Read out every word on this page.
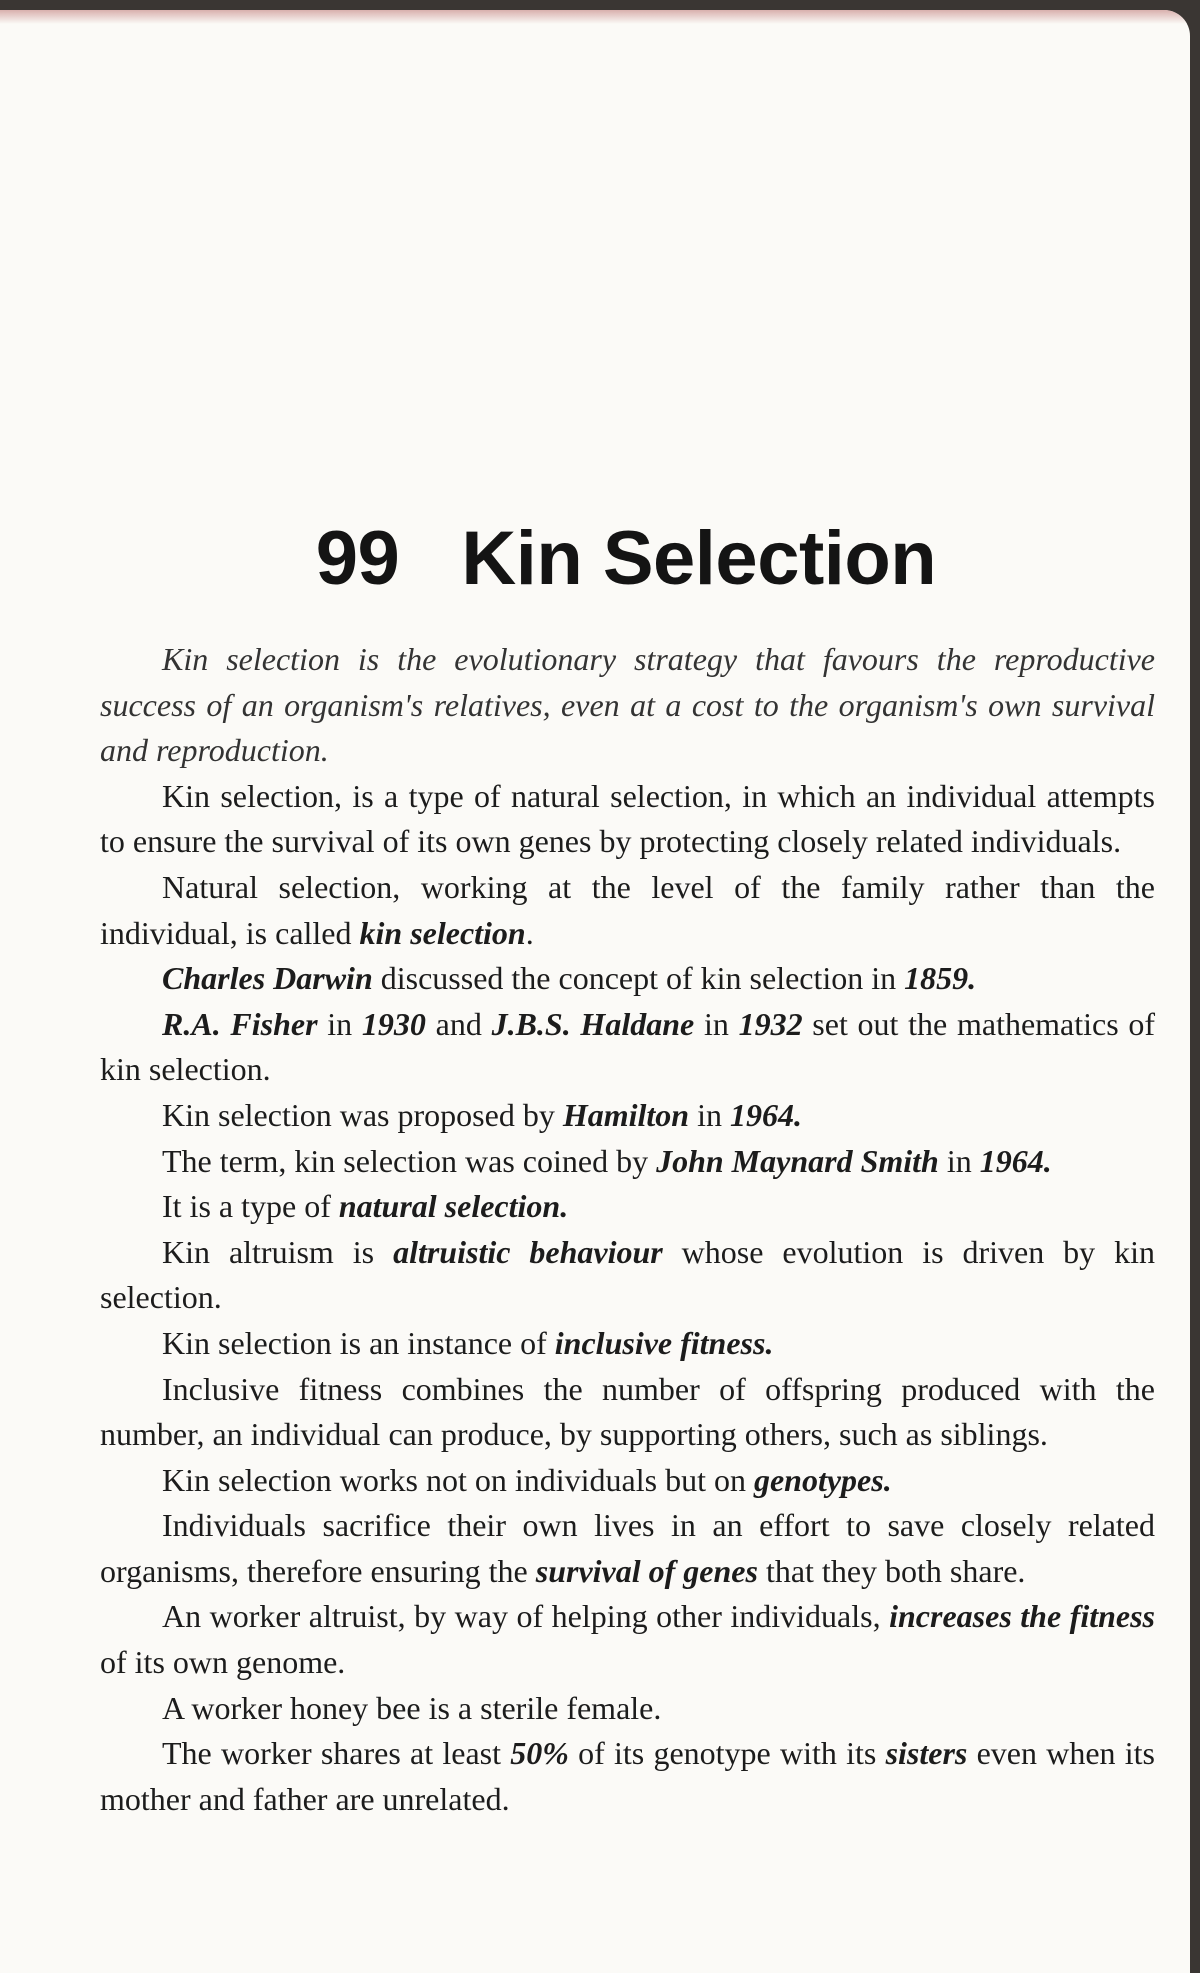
99 Kin Selection

Kin selection is the evolutionary strategy that favours the reproductive success of an organism's relatives, even at a cost to the organism's own survival and reproduction.

Kin selection, is a type of natural selection, in which an individual attempts to ensure the survival of its own genes by protecting closely related individuals.

Natural selection, working at the level of the family rather than the individual, is called kin selection.

Charles Darwin discussed the concept of kin selection in 1859.

R.A. Fisher in 1930 and J.B.S. Haldane in 1932 set out the mathematics of kin selection.

Kin selection was proposed by Hamilton in 1964.

The term, kin selection was coined by John Maynard Smith in 1964.

It is a type of natural selection.

Kin altruism is altruistic behaviour whose evolution is driven by kin selection.

Kin selection is an instance of inclusive fitness.

Inclusive fitness combines the number of offspring produced with the number, an individual can produce, by supporting others, such as siblings.

Kin selection works not on individuals but on genotypes.

Individuals sacrifice their own lives in an effort to save closely related organisms, therefore ensuring the survival of genes that they both share.

An worker altruist, by way of helping other individuals, increases the fitness of its own genome.

A worker honey bee is a sterile female.

The worker shares at least 50% of its genotype with its sisters even when its mother and father are unrelated.
